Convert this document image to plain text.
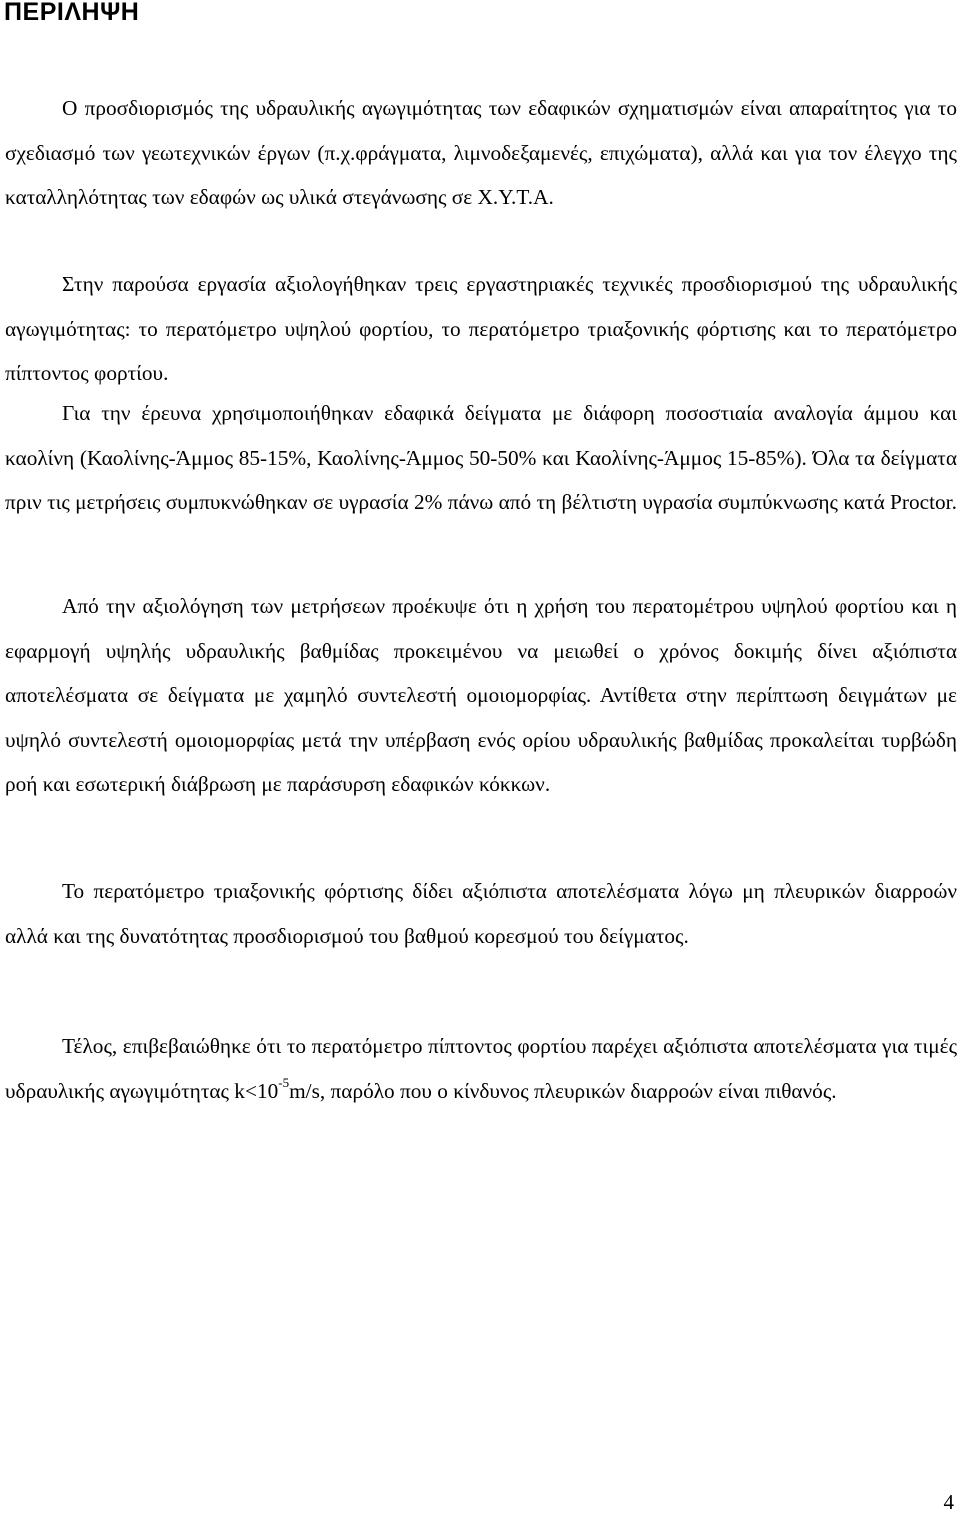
ΠΕΡΙΛΗΨΗ

Ο προσδιορισμός της υδραυλικής αγωγιμότητας των εδαφικών σχηματισμών είναι απαραίτητος για το σχεδιασμό των γεωτεχνικών έργων (π.χ.φράγματα, λιμνοδεξαμενές, επιχώματα), αλλά και για τον έλεγχο της καταλληλότητας των εδαφών ως υλικά στεγάνωσης σε Χ.Υ.Τ.Α.

Στην παρούσα εργασία αξιολογήθηκαν τρεις εργαστηριακές τεχνικές προσδιορισμού της υδραυλικής αγωγιμότητας: το περατόμετρο υψηλού φορτίου, το περατόμετρο τριαξονικής φόρτισης και το περατόμετρο πίπτοντος φορτίου.

Για την έρευνα χρησιμοποιήθηκαν εδαφικά δείγματα με διάφορη ποσοστιαία αναλογία άμμου και καολίνη (Καολίνης-Άμμος 85-15%, Καολίνης-Άμμος 50-50% και Καολίνης-Άμμος 15-85%). Όλα τα δείγματα πριν τις μετρήσεις συμπυκνώθηκαν σε υγρασία 2% πάνω από τη βέλτιστη υγρασία συμπύκνωσης κατά Proctor.

Από την αξιολόγηση των μετρήσεων προέκυψε ότι η χρήση του περατομέτρου υψηλού φορτίου και η εφαρμογή υψηλής υδραυλικής βαθμίδας προκειμένου να μειωθεί ο χρόνος δοκιμής δίνει αξιόπιστα αποτελέσματα σε δείγματα με χαμηλό συντελεστή ομοιομορφίας. Αντίθετα στην περίπτωση δειγμάτων με υψηλό συντελεστή ομοιομορφίας μετά την υπέρβαση ενός ορίου υδραυλικής βαθμίδας προκαλείται τυρβώδη ροή και εσωτερική διάβρωση με παράσυρση εδαφικών κόκκων.

Το περατόμετρο τριαξονικής φόρτισης δίδει αξιόπιστα αποτελέσματα λόγω μη πλευρικών διαρροών αλλά και της δυνατότητας προσδιορισμού του βαθμού κορεσμού του δείγματος.

Τέλος, επιβεβαιώθηκε ότι το περατόμετρο πίπτοντος φορτίου παρέχει αξιόπιστα αποτελέσματα για τιμές υδραυλικής αγωγιμότητας $k<10^{-5}m/s$, παρόλο που ο κίνδυνος πλευρικών διαρροών είναι πιθανός.

4
